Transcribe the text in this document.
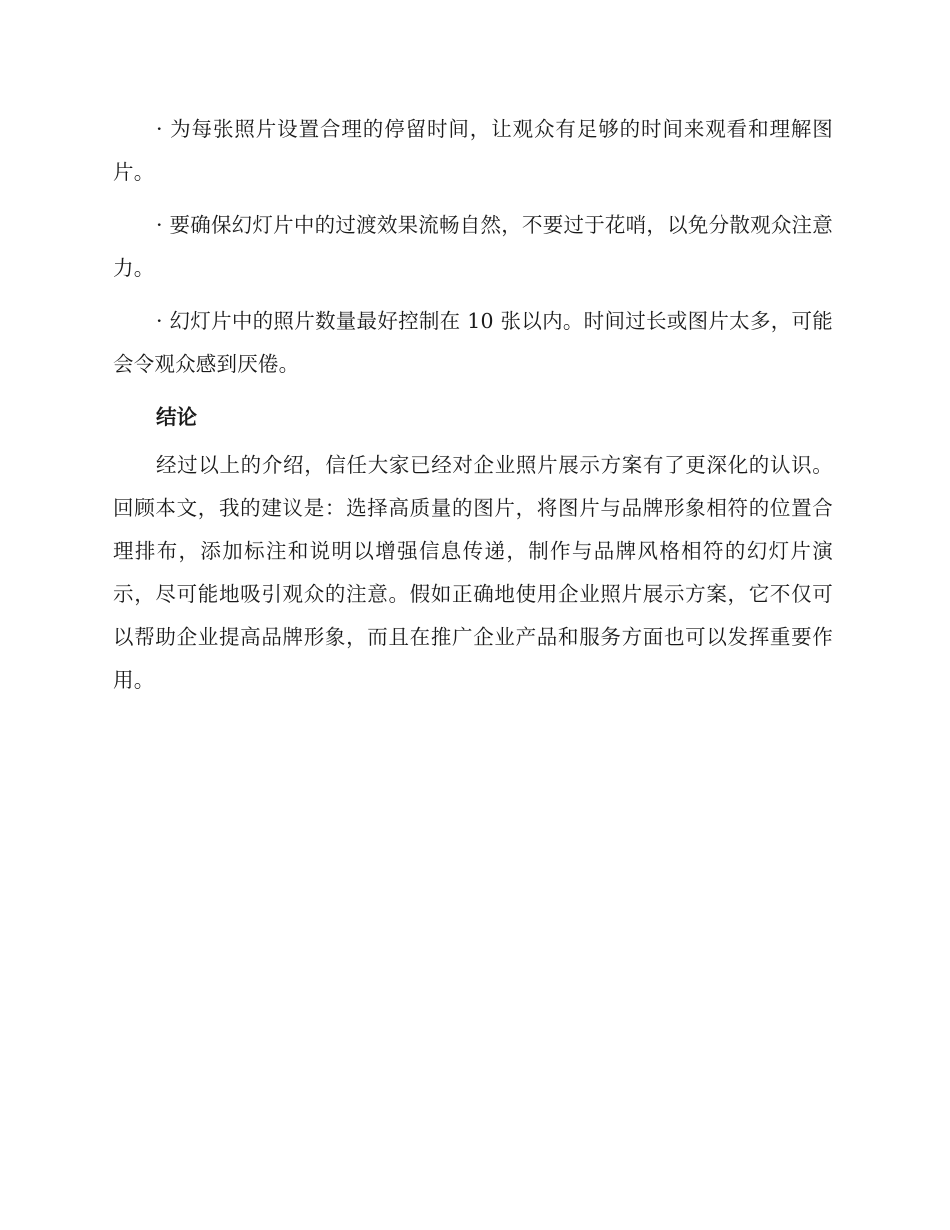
· 为每张照片设置合理的停留时间，让观众有足够的时间来观看和理解图片。

· 要确保幻灯片中的过渡效果流畅自然，不要过于花哨，以免分散观众注意力。

· 幻灯片中的照片数量最好控制在 10 张以内。时间过长或图片太多，可能会令观众感到厌倦。

结论

经过以上的介绍，信任大家已经对企业照片展示方案有了更深化的认识。回顾本文，我的建议是：选择高质量的图片，将图片与品牌形象相符的位置合理排布，添加标注和说明以增强信息传递，制作与品牌风格相符的幻灯片演示，尽可能地吸引观众的注意。假如正确地使用企业照片展示方案，它不仅可以帮助企业提高品牌形象，而且在推广企业产品和服务方面也可以发挥重要作用。
